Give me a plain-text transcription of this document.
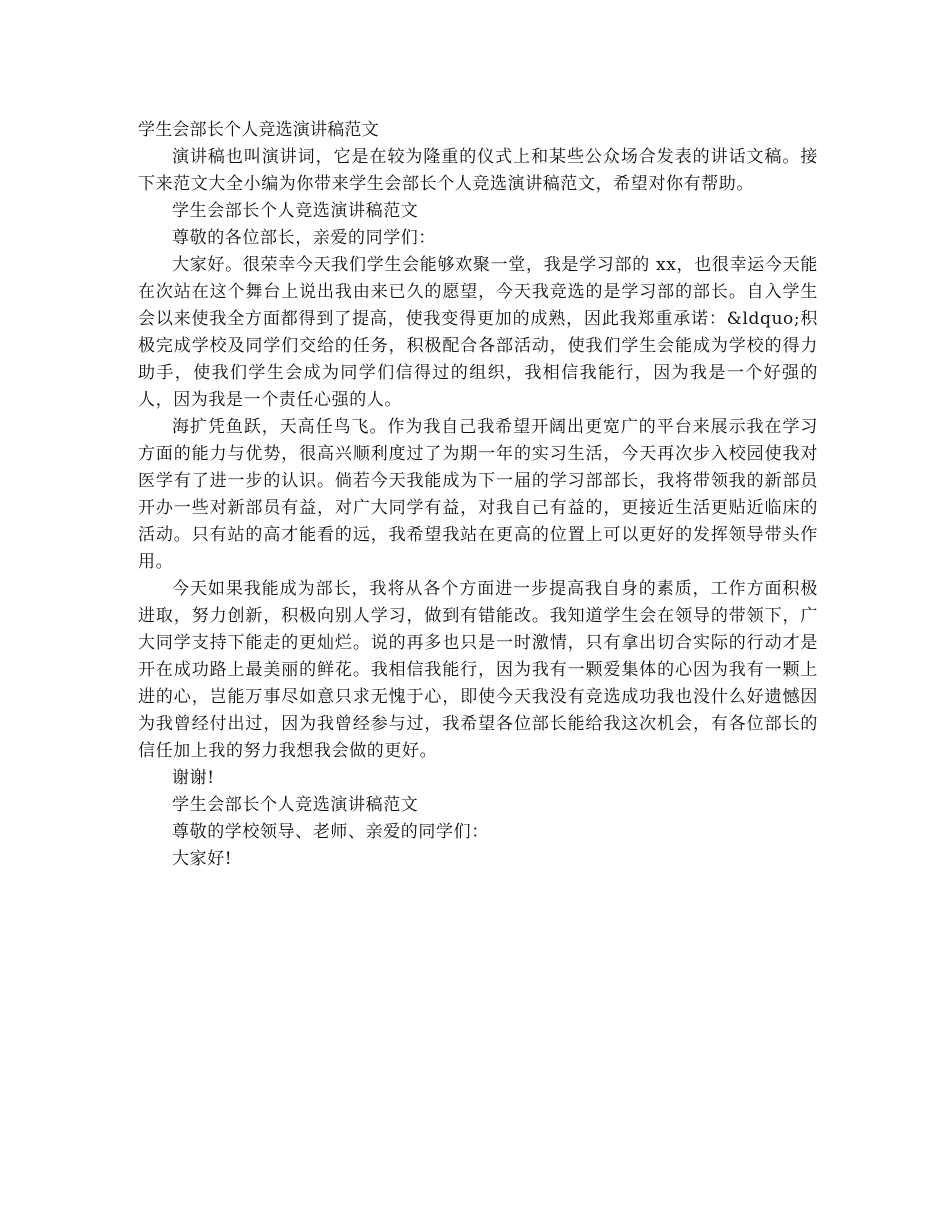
学生会部长个人竞选演讲稿范文

演讲稿也叫演讲词，它是在较为隆重的仪式上和某些公众场合发表的讲话文稿。接下来范文大全小编为你带来学生会部长个人竞选演讲稿范文，希望对你有帮助。

学生会部长个人竞选演讲稿范文

尊敬的各位部长，亲爱的同学们：

大家好。很荣幸今天我们学生会能够欢聚一堂，我是学习部的 xx，也很幸运今天能在次站在这个舞台上说出我由来已久的愿望，今天我竞选的是学习部的部长。自入学生会以来使我全方面都得到了提高，使我变得更加的成熟，因此我郑重承诺：&ldquo;积极完成学校及同学们交给的任务，积极配合各部活动，使我们学生会能成为学校的得力助手，使我们学生会成为同学们信得过的组织，我相信我能行，因为我是一个好强的人，因为我是一个责任心强的人。

海扩凭鱼跃，天高任鸟飞。作为我自己我希望开阔出更宽广的平台来展示我在学习方面的能力与优势，很高兴顺利度过了为期一年的实习生活，今天再次步入校园使我对医学有了进一步的认识。倘若今天我能成为下一届的学习部部长，我将带领我的新部员开办一些对新部员有益，对广大同学有益，对我自己有益的，更接近生活更贴近临床的活动。只有站的高才能看的远，我希望我站在更高的位置上可以更好的发挥领导带头作用。

今天如果我能成为部长，我将从各个方面进一步提高我自身的素质，工作方面积极进取，努力创新，积极向别人学习，做到有错能改。我知道学生会在领导的带领下，广大同学支持下能走的更灿烂。说的再多也只是一时激情，只有拿出切合实际的行动才是开在成功路上最美丽的鲜花。我相信我能行，因为我有一颗爱集体的心因为我有一颗上进的心，岂能万事尽如意只求无愧于心，即使今天我没有竞选成功我也没什么好遗憾因为我曾经付出过，因为我曾经参与过，我希望各位部长能给我这次机会，有各位部长的信任加上我的努力我想我会做的更好。

谢谢!

学生会部长个人竞选演讲稿范文

尊敬的学校领导、老师、亲爱的同学们：

大家好!
